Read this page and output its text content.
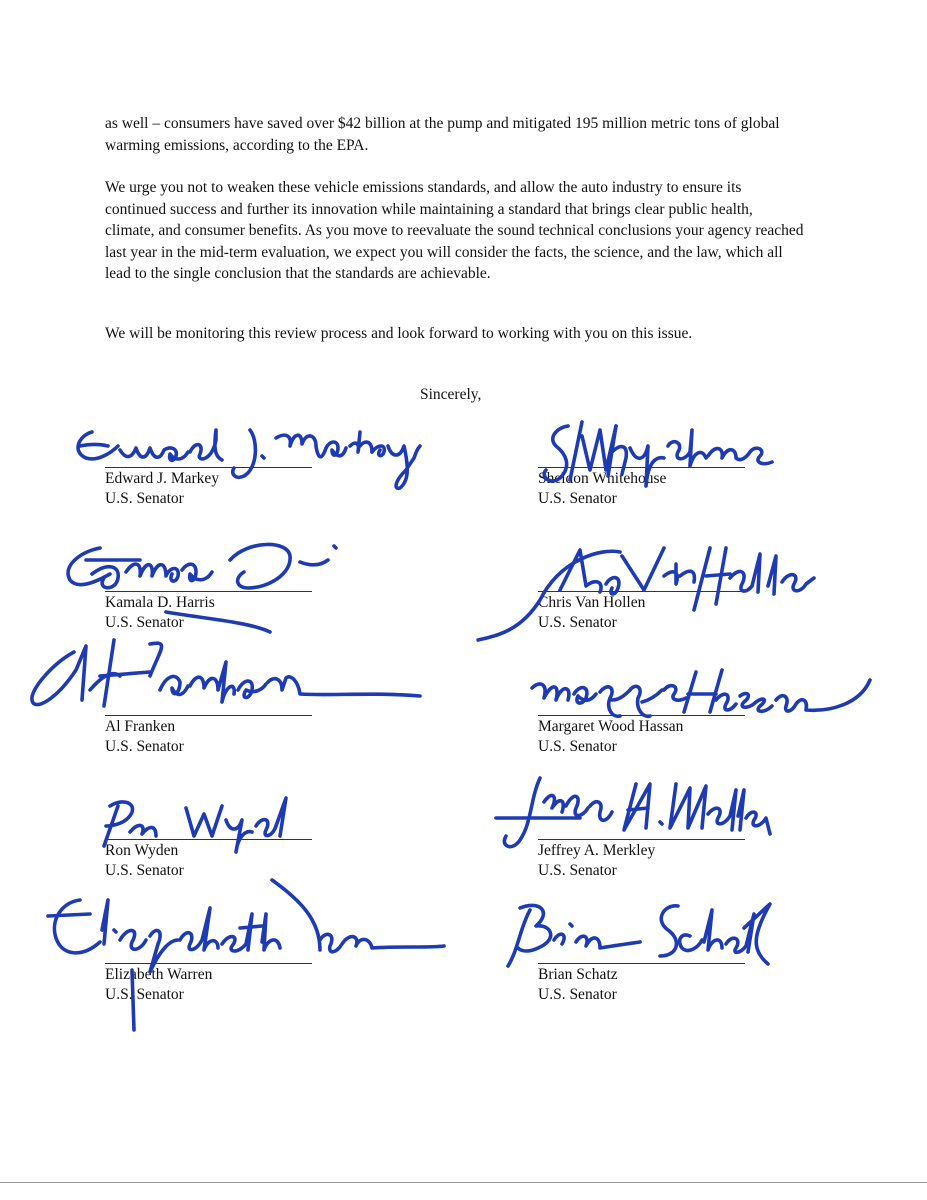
as well – consumers have saved over $42 billion at the pump and mitigated 195 million metric tons of global warming emissions, according to the EPA.

We urge you not to weaken these vehicle emissions standards, and allow the auto industry to ensure its continued success and further its innovation while maintaining a standard that brings clear public health, climate, and consumer benefits. As you move to reevaluate the sound technical conclusions your agency reached last year in the mid-term evaluation, we expect you will consider the facts, the science, and the law, which all lead to the single conclusion that the standards are achievable.

We will be monitoring this review process and look forward to working with you on this issue.

Sincerely,
Edward J. Markey
U.S. Senator
Sheldon Whitehouse
U.S. Senator
Kamala D. Harris
U.S. Senator
Chris Van Hollen
U.S. Senator
Al Franken
U.S. Senator
Margaret Wood Hassan
U.S. Senator
Ron Wyden
U.S. Senator
Jeffrey A. Merkley
U.S. Senator
Elizabeth Warren
U.S. Senator
Brian Schatz
U.S. Senator
